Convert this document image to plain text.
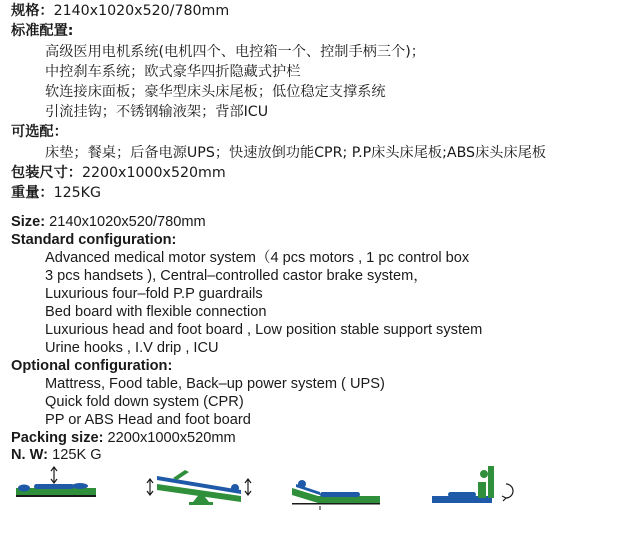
规格：2140x1020x520/780mm
标准配置:
高级医用电机系统(电机四个、电控箱一个、控制手柄三个)；
中控刹车系统；欧式豪华四折隐藏式护栏
软连接床面板；豪华型床头床尾板；低位稳定支撑系统
引流挂钩；不锈钢输液架；背部ICU
可选配：
床垫；餐桌；后备电源UPS；快速放倒功能CPR; P.P床头床尾板;ABS床头床尾板
包装尺寸：2200x1000x520mm
重量：125KG
Size: 2140x1020x520/780mm
Standard configuration:
Advanced medical motor system（4 pcs motors , 1 pc control box
3 pcs handsets ), Central–controlled castor brake system，
Luxurious four–fold P.P guardrails
Bed board with flexible connection
Luxurious head and foot board , Low position stable support system
Urine hooks , I.V drip , ICU
Optional configuration:
Mattress, Food table, Back–up power system ( UPS)
Quick fold down system (CPR)
PP or ABS Head and foot board
Packing size: 2200x1000x520mm
N. W: 125K G
